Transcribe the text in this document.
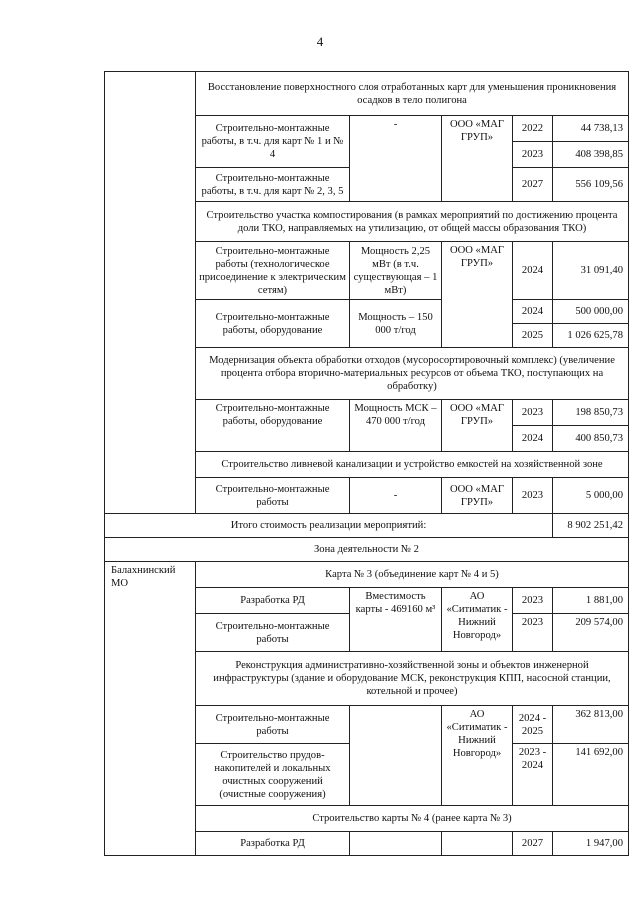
4
	Восстановление поверхностного слоя отработанных карт для уменьшения проникновения осадков в тело полигона				
	Строительно-монтажные работы, в т.ч. для карт № 1 и № 4	-	ООО «МАГ ГРУП»	2022	44 738,13
				2023	408 398,85
	Строительно-монтажные работы, в т.ч. для карт № 2, 3, 5			2027	556 109,56
	Строительство участка компостирования (в рамках мероприятий по достижению процента доли ТКО, направляемых на утилизацию, от общей массы образования ТКО)				
	Строительно-монтажные работы (технологическое присоединение к электрическим сетям)	Мощность 2,25 мВт (в т.ч. существующая – 1 мВт)	ООО «МАГ ГРУП»	2024	31 091,40
	Строительно-монтажные работы, оборудование	Мощность – 150 000 т/год		2024	500 000,00
				2025	1 026 625,78
	Модернизация объекта обработки отходов (мусоросортировочный комплекс) (увеличение процента отбора вторично-материальных ресурсов от объема ТКО, поступающих на обработку)				
	Строительно-монтажные работы, оборудование	Мощность МСК – 470 000 т/год	ООО «МАГ ГРУП»	2023	198 850,73
				2024	400 850,73
	Строительство ливневой канализации и устройство емкостей на хозяйственной зоне				
	Строительно-монтажные работы	-	ООО «МАГ ГРУП»	2023	5 000,00
Итого стоимость реализации мероприятий:					8 902 251,42
Зона деятельности № 2					
Балахнинский МО	Карта № 3 (объединение карт № 4 и 5)				
	Разработка РД	Вместимость карты - 469160 м³	АО «Ситиматик - Нижний Новгород»	2023	1 881,00
	Строительно-монтажные работы			2023	209 574,00
	Реконструкция административно-хозяйственной зоны и объектов инженерной инфраструктуры (здание и оборудование МСК, реконструкция КПП, насосной станции, котельной и прочее)				
	Строительно-монтажные работы		АО «Ситиматик - Нижний Новгород»	2024 - 2025	362 813,00
	Строительство прудов-накопителей и локальных очистных сооружений (очистные сооружения)			2023 - 2024	141 692,00
	Строительство карты № 4 (ранее карта № 3)				
	Разработка РД			2027	1 947,00
